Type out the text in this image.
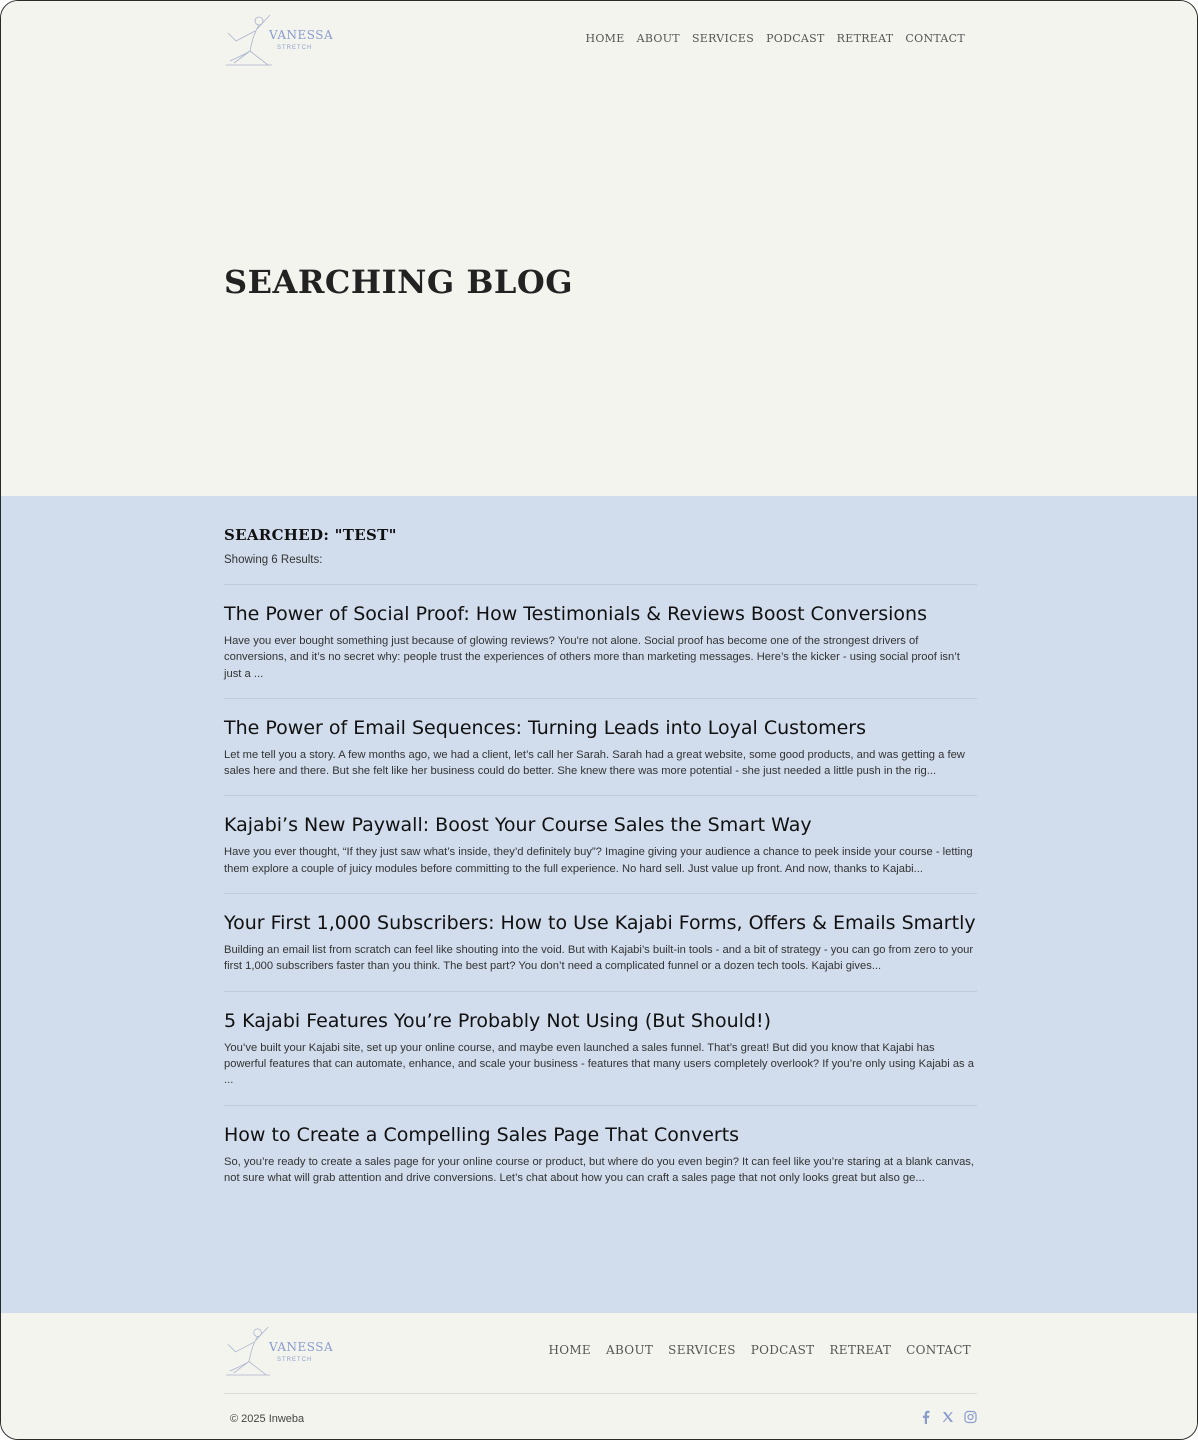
VANESSA
STRETCH
HOME ABOUT SERVICES PODCAST RETREAT CONTACT
SEARCHING BLOG
SEARCHED: "TEST"
Showing 6 Results:
The Power of Social Proof: How Testimonials & Reviews Boost Conversions

Have you ever bought something just because of glowing reviews? You're not alone. Social proof has become one of the strongest drivers of conversions, and it’s no secret why: people trust the experiences of others more than marketing messages. Here’s the kicker - using social proof isn’t just a ...

The Power of Email Sequences: Turning Leads into Loyal Customers

Let me tell you a story. A few months ago, we had a client, let’s call her Sarah. Sarah had a great website, some good products, and was getting a few sales here and there. But she felt like her business could do better. She knew there was more potential - she just needed a little push in the rig...

Kajabi’s New Paywall: Boost Your Course Sales the Smart Way

Have you ever thought, “If they just saw what’s inside, they’d definitely buy”? Imagine giving your audience a chance to peek inside your course - letting them explore a couple of juicy modules before committing to the full experience. No hard sell. Just value up front. And now, thanks to Kajabi...

Your First 1,000 Subscribers: How to Use Kajabi Forms, Offers & Emails Smartly

Building an email list from scratch can feel like shouting into the void. But with Kajabi’s built-in tools - and a bit of strategy - you can go from zero to your first 1,000 subscribers faster than you think. The best part? You don’t need a complicated funnel or a dozen tech tools. Kajabi gives...

5 Kajabi Features You’re Probably Not Using (But Should!)

You’ve built your Kajabi site, set up your online course, and maybe even launched a sales funnel. That’s great! But did you know that Kajabi has powerful features that can automate, enhance, and scale your business - features that many users completely overlook? If you’re only using Kajabi as a ...

How to Create a Compelling Sales Page That Converts

So, you’re ready to create a sales page for your online course or product, but where do you even begin? It can feel like you’re staring at a blank canvas, not sure what will grab attention and drive conversions. Let’s chat about how you can craft a sales page that not only looks great but also ge...

VANESSA
STRETCH
HOME ABOUT SERVICES PODCAST RETREAT CONTACT
© 2025 Inweba
